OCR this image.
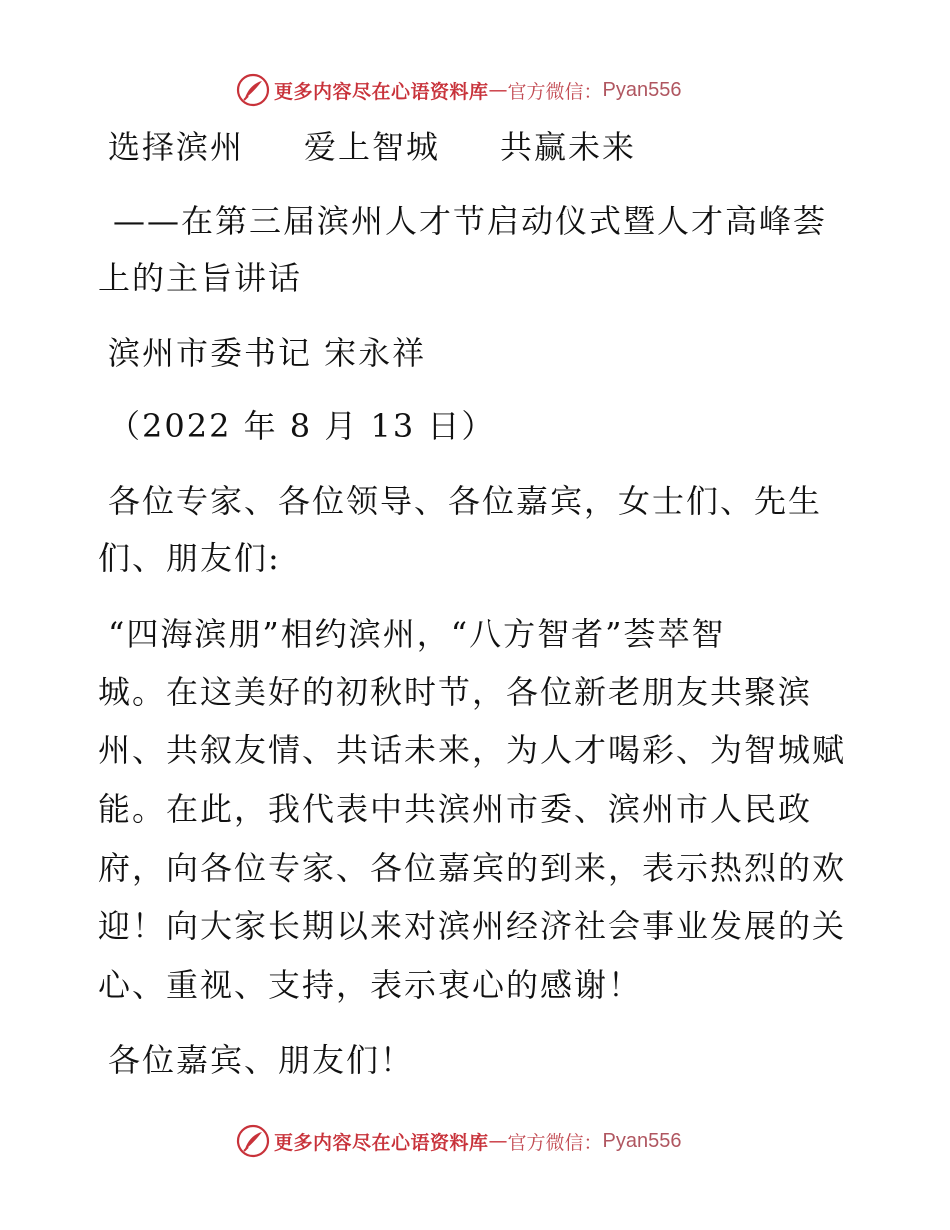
更多内容尽在心语资料库 — 官方微信： Pyan556

选择滨州 爱上智城 共赢未来

——在第三届滨州人才节启动仪式暨人才高峰荟

上的主旨讲话

滨州市委书记 宋永祥

（2022 年 8 月 13 日）

各位专家、各位领导、各位嘉宾，女士们、先生

们、朋友们:

“四海滨朋”相约滨州，“八方智者”荟萃智

城。在这美好的初秋时节，各位新老朋友共聚滨

州、共叙友情、共话未来，为人才喝彩、为智城赋

能。在此，我代表中共滨州市委、滨州市人民政

府，向各位专家、各位嘉宾的到来，表示热烈的欢

迎！向大家长期以来对滨州经济社会事业发展的关

心、重视、支持，表示衷心的感谢！

各位嘉宾、朋友们！

更多内容尽在心语资料库 — 官方微信： Pyan556
